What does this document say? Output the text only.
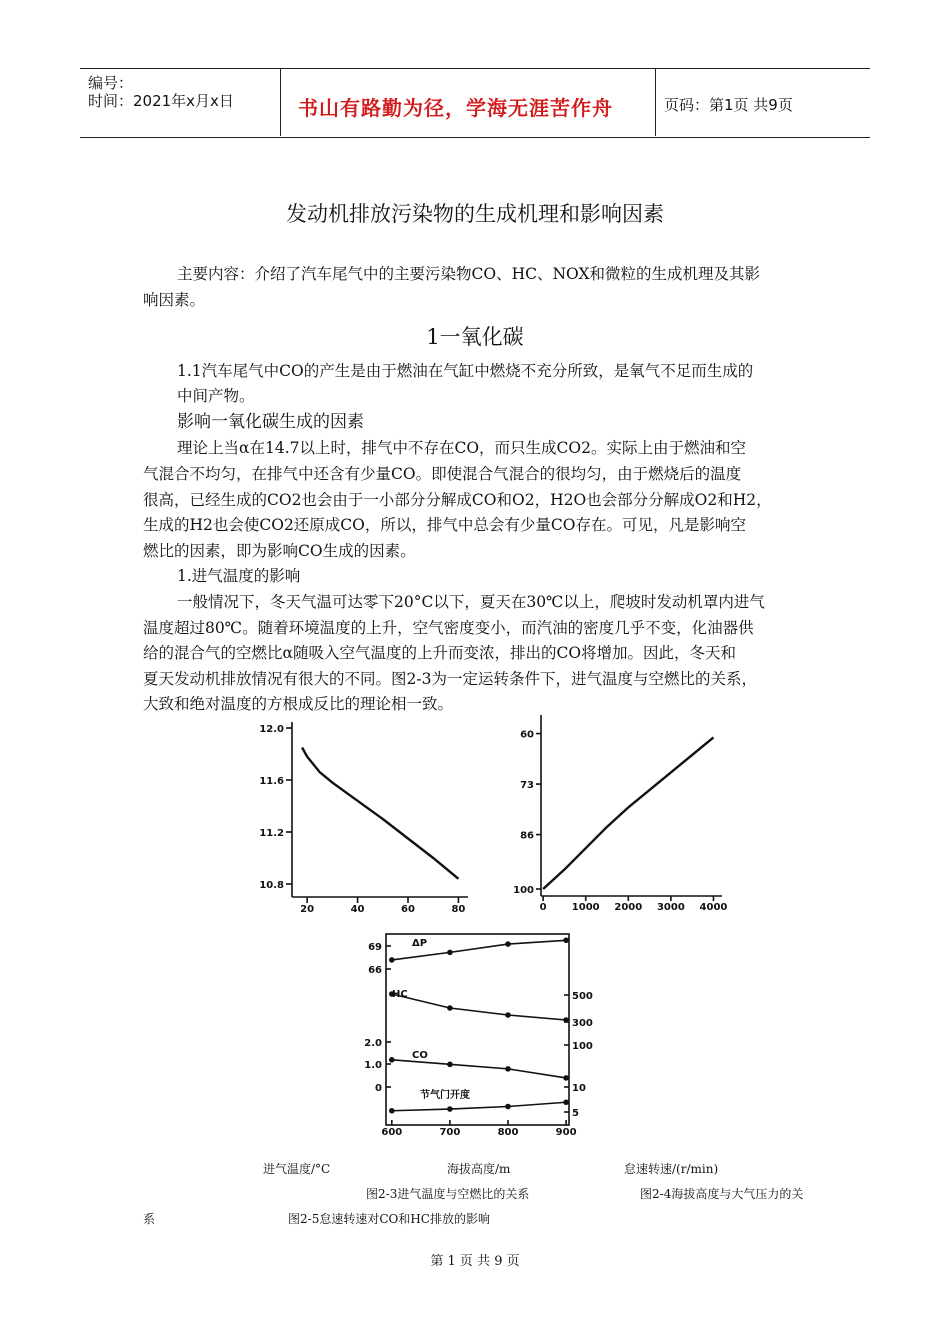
编号：
时间：2021年x月x日	书山有路勤为径，学海无涯苦作舟	页码：第1页 共9页
发动机排放污染物的生成机理和影响因素
主要内容：介绍了汽车尾气中的主要污染物CO、HC、NOX和微粒的生成机理及其影
响因素。
1一氧化碳
1.1汽车尾气中CO的产生是由于燃油在气缸中燃烧不充分所致，是氧气不足而生成的
中间产物。
影响一氧化碳生成的因素
理论上当α在14.7以上时，排气中不存在CO，而只生成CO2。实际上由于燃油和空
气混合不均匀，在排气中还含有少量CO。即使混合气混合的很均匀，由于燃烧后的温度
很高，已经生成的CO2也会由于一小部分分解成CO和O2，H2O也会部分分解成O2和H2，
生成的H2也会使CO2还原成CO，所以，排气中总会有少量CO存在。可见，凡是影响空
燃比的因素，即为影响CO生成的因素。
1.进气温度的影响
一般情况下，冬天气温可达零下20°C以下，夏天在30℃以上，爬坡时发动机罩内进气
温度超过80℃。随着环境温度的上升，空气密度变小，而汽油的密度几乎不变，化油器供
给的混合气的空燃比α随吸入空气温度的上升而变浓，排出的CO将增加。因此，冬天和
夏天发动机排放情况有很大的不同。图2-3为一定运转条件下，进气温度与空燃比的关系，
大致和绝对温度的方根成反比的理论相一致。
20	40	60	80
12.0
11.6
11.2
10.8
0	1000 2000 3000 4000
60
73
86
100
600	700	800	900
69
66
2.0
1.0
0
500
300
100
10
5
ΔP
HC
CO
节气门开度
进气温度/°C	海拔高度/m	怠速转速/(r/min)
图2-3进气温度与空燃比的关系	图2-4海拔高度与大气压力的关
系	图2-5怠速转速对CO和HC排放的影响
第 1 页 共 9 页
